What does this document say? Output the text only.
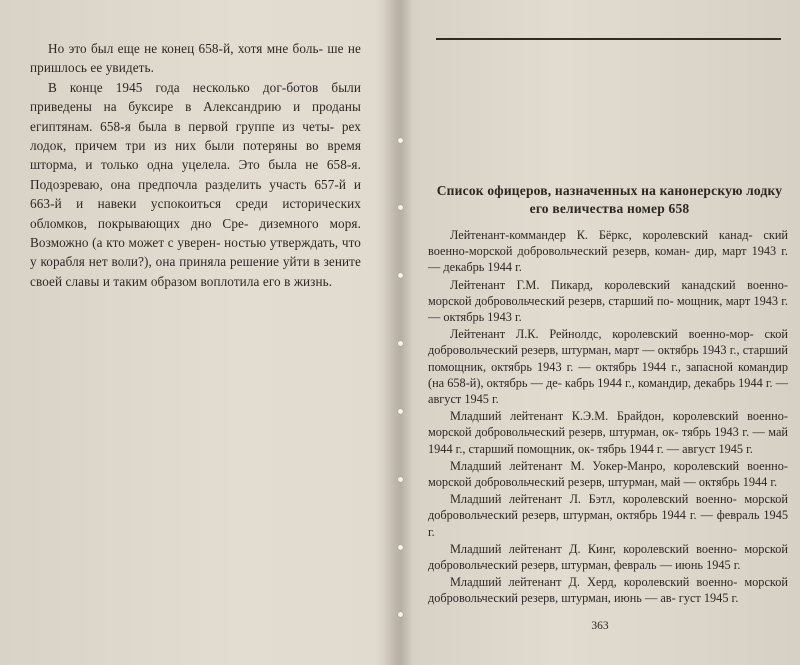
Но это был еще не конец 658-й, хотя мне боль- ше не пришлось ее увидеть.

В конце 1945 года несколько дог-ботов были приведены на буксире в Александрию и проданы египтянам. 658-я была в первой группе из четы- рех лодок, причем три из них были потеряны во время шторма, и только одна уцелела. Это была не 658-я. Подозреваю, она предпочла разделить участь 657-й и 663-й и навеки успокоиться среди исторических обломков, покрывающих дно Сре- диземного моря. Возможно (а кто может с уверен- ностью утверждать, что у корабля нет воли?), она приняла решение уйти в зените своей славы и таким образом воплотила его в жизнь.

Список офицеров, назначенных на канонерскую лодку его величества номер 658

Лейтенант-коммандер К. Бёркс, королевский канад- ский военно-морской добровольческий резерв, коман- дир, март 1943 г. — декабрь 1944 г.

Лейтенант Г.М. Пикард, королевский канадский военно-морской добровольческий резерв, старший по- мощник, март 1943 г. — октябрь 1943 г.

Лейтенант Л.К. Рейнолдс, королевский военно-мор- ской добровольческий резерв, штурман, март — октябрь 1943 г., старший помощник, октябрь 1943 г. — октябрь 1944 г., запасной командир (на 658-й), октябрь — де- кабрь 1944 г., командир, декабрь 1944 г. — август 1945 г.

Младший лейтенант К.Э.М. Брайдон, королевский военно-морской добровольческий резерв, штурман, ок- тябрь 1943 г. — май 1944 г., старший помощник, ок- тябрь 1944 г. — август 1945 г.

Младший лейтенант М. Уокер-Манро, королевский военно-морской добровольческий резерв, штурман, май — октябрь 1944 г.

Младший лейтенант Л. Бэтл, королевский военно- морской добровольческий резерв, штурман, октябрь 1944 г. — февраль 1945 г.

Младший лейтенант Д. Кинг, королевский военно- морской добровольческий резерв, штурман, февраль — июнь 1945 г.

Младший лейтенант Д. Херд, королевский военно- морской добровольческий резерв, штурман, июнь — ав- густ 1945 г.

363
